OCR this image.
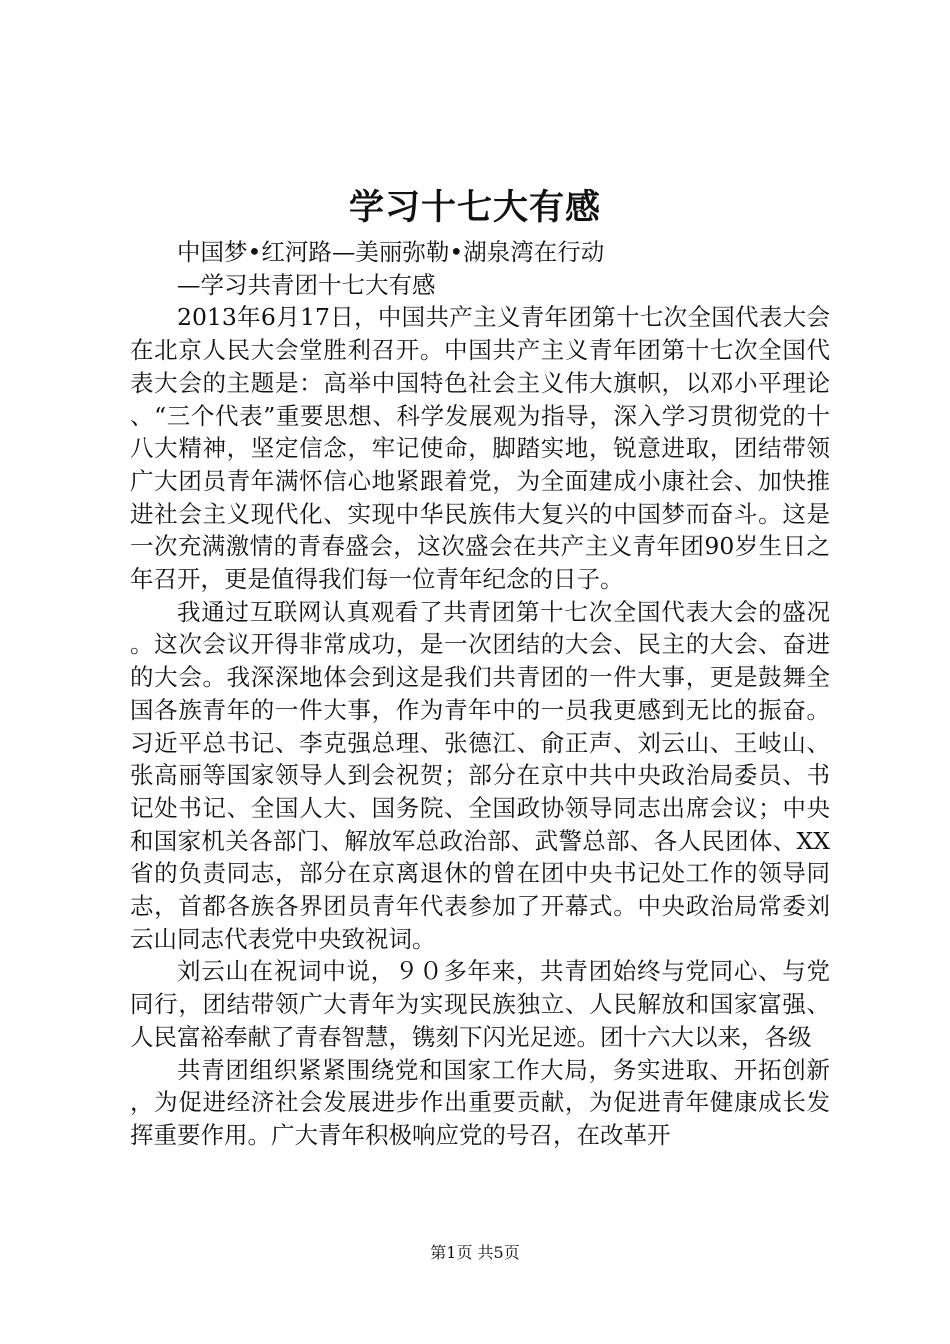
学习十七大有感

中国梦•红河路—美丽弥勒•湖泉湾在行动

—学习共青团十七大有感

2013年6月17日，中国共产主义青年团第十七次全国代表大会在北京人民大会堂胜利召开。中国共产主义青年团第十七次全国代表大会的主题是：高举中国特色社会主义伟大旗帜，以邓小平理论、“三个代表”重要思想、科学发展观为指导，深入学习贯彻党的十八大精神，坚定信念，牢记使命，脚踏实地，锐意进取，团结带领广大团员青年满怀信心地紧跟着党，为全面建成小康社会、加快推进社会主义现代化、实现中华民族伟大复兴的中国梦而奋斗。这是一次充满激情的青春盛会，这次盛会在共产主义青年团90岁生日之年召开，更是值得我们每一位青年纪念的日子。

我通过互联网认真观看了共青团第十七次全国代表大会的盛况。这次会议开得非常成功，是一次团结的大会、民主的大会、奋进的大会。我深深地体会到这是我们共青团的一件大事，更是鼓舞全国各族青年的一件大事，作为青年中的一员我更感到无比的振奋。习近平总书记、李克强总理、张德江、俞正声、刘云山、王岐山、张高丽等国家领导人到会祝贺；部分在京中共中央政治局委员、书记处书记、全国人大、国务院、全国政协领导同志出席会议；中央和国家机关各部门、解放军总政治部、武警总部、各人民团体、XX省的负责同志，部分在京离退休的曾在团中央书记处工作的领导同志，首都各族各界团员青年代表参加了开幕式。中央政治局常委刘云山同志代表党中央致祝词。

刘云山在祝词中说，９０多年来，共青团始终与党同心、与党同行，团结带领广大青年为实现民族独立、人民解放和国家富强、人民富裕奉献了青春智慧，镌刻下闪光足迹。团十六大以来，各级

共青团组织紧紧围绕党和国家工作大局，务实进取、开拓创新，为促进经济社会发展进步作出重要贡献，为促进青年健康成长发挥重要作用。广大青年积极响应党的号召，在改革开

第1页 共5页
